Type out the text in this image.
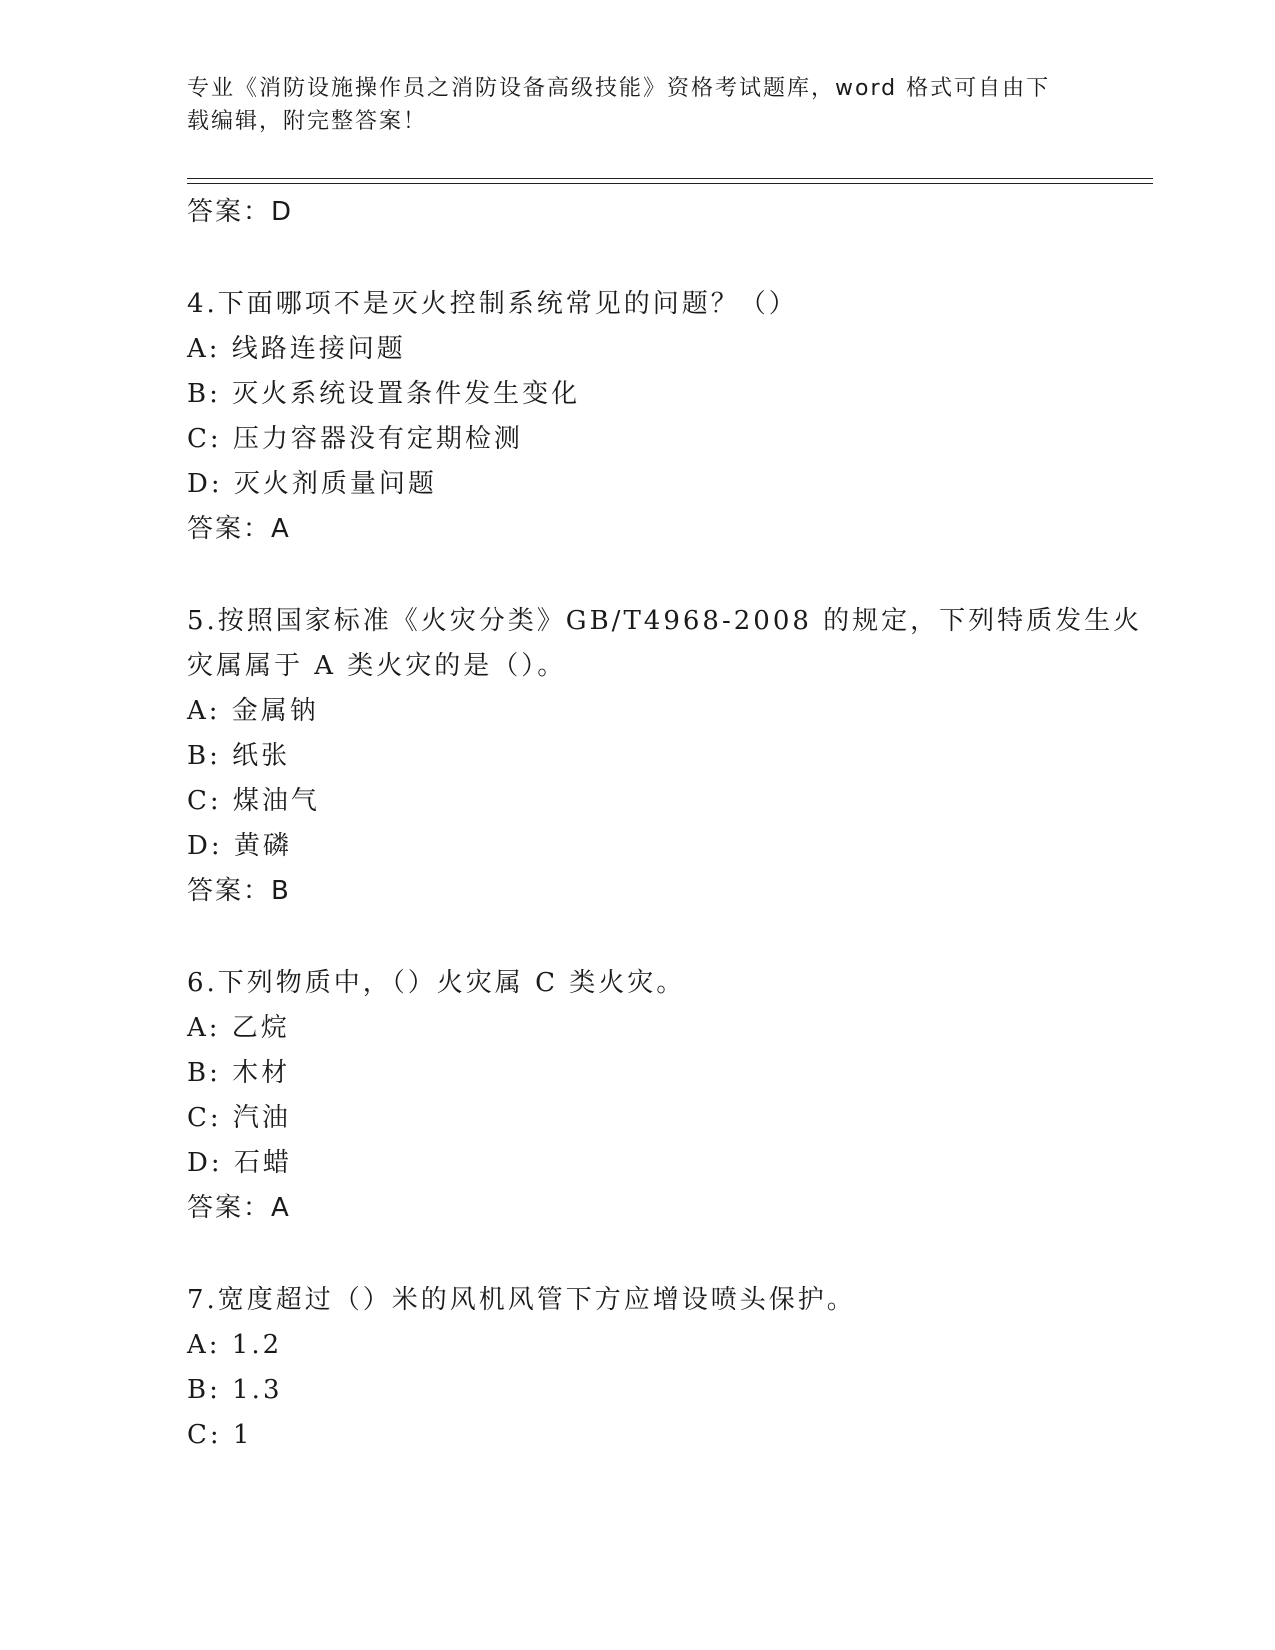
专业《消防设施操作员之消防设备高级技能》资格考试题库，word 格式可自由下
载编辑，附完整答案！
答案：D
4.下面哪项不是灭火控制系统常见的问题？（）
A: 线路连接问题
B: 灭火系统设置条件发生变化
C: 压力容器没有定期检测
D: 灭火剂质量问题
答案：A
5.按照国家标准《火灾分类》GB/T4968-2008 的规定，下列特质发生火
灾属属于 A 类火灾的是（）。
A: 金属钠
B: 纸张
C: 煤油气
D: 黄磷
答案：B
6.下列物质中，（）火灾属 C 类火灾。
A: 乙烷
B: 木材
C: 汽油
D: 石蜡
答案：A
7.宽度超过（）米的风机风管下方应增设喷头保护。
A: 1.2
B: 1.3
C: 1
